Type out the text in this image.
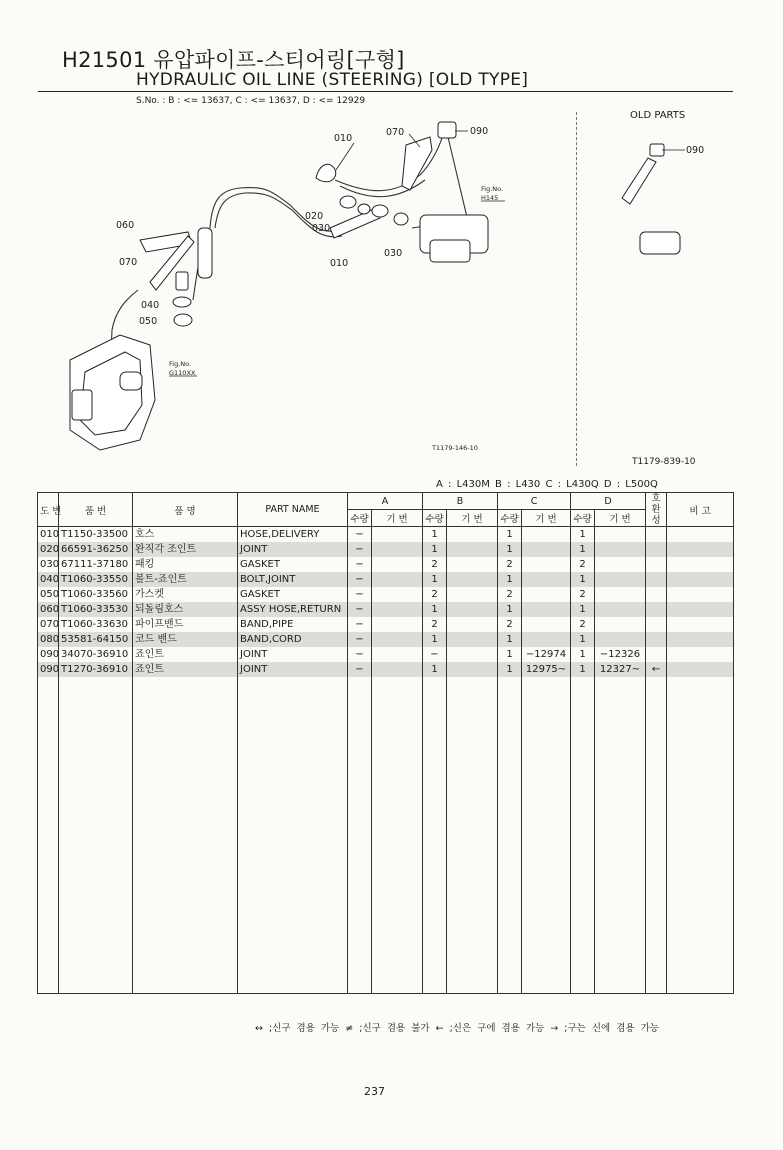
H21501 유압파이프-스티어링[구형]
HYDRAULIC OIL LINE (STEERING) [OLD TYPE]
S.No. : B : <= 13637, C : <= 13637, D : <= 12929
010
070	090
020
030
030
010
060
070
040
050
090
Fig.No.
H145
Fig.No.
G110XX
T1179-146-10
OLD PARTS
T1179-839-10
A : L430M B : L430 C : L430Q D : L500Q
도 번	품 번	품 명	PART NAME	A		B		C		D		호 환 성	비 고
				수량	기 번	수량	기 번	수량	기 번	수량	기 번		
010	T1150-33500	호스	HOSE,DELIVERY	−		1		1		1			
020	66591-36250	완직각 조인트	JOINT	−		1		1		1			
030	67111-37180	패킹	GASKET	−		2		2		2			
040	T1060-33550	볼트-죠인트	BOLT,JOINT	−		1		1		1			
050	T1060-33560	가스켓	GASKET	−		2		2		2			
060	T1060-33530	되돌림호스	ASSY HOSE,RETURN	−		1		1		1			
070	T1060-33630	파이프밴드	BAND,PIPE	−		2		2		2			
080	53581-64150	코드 밴드	BAND,CORD	−		1		1		1			
090	34070-36910	죠인트	JOINT	−		−		1	−12974	1	−12326		
090	T1270-36910	죠인트	JOINT	−		1		1	12975~	1	12327~	←	

↔ ;신구 겸용 가능 ≠ ;신구 겸용 불가 ← ;신은 구에 겸용 가능 → ;구는 신에 겸용 가능
237
